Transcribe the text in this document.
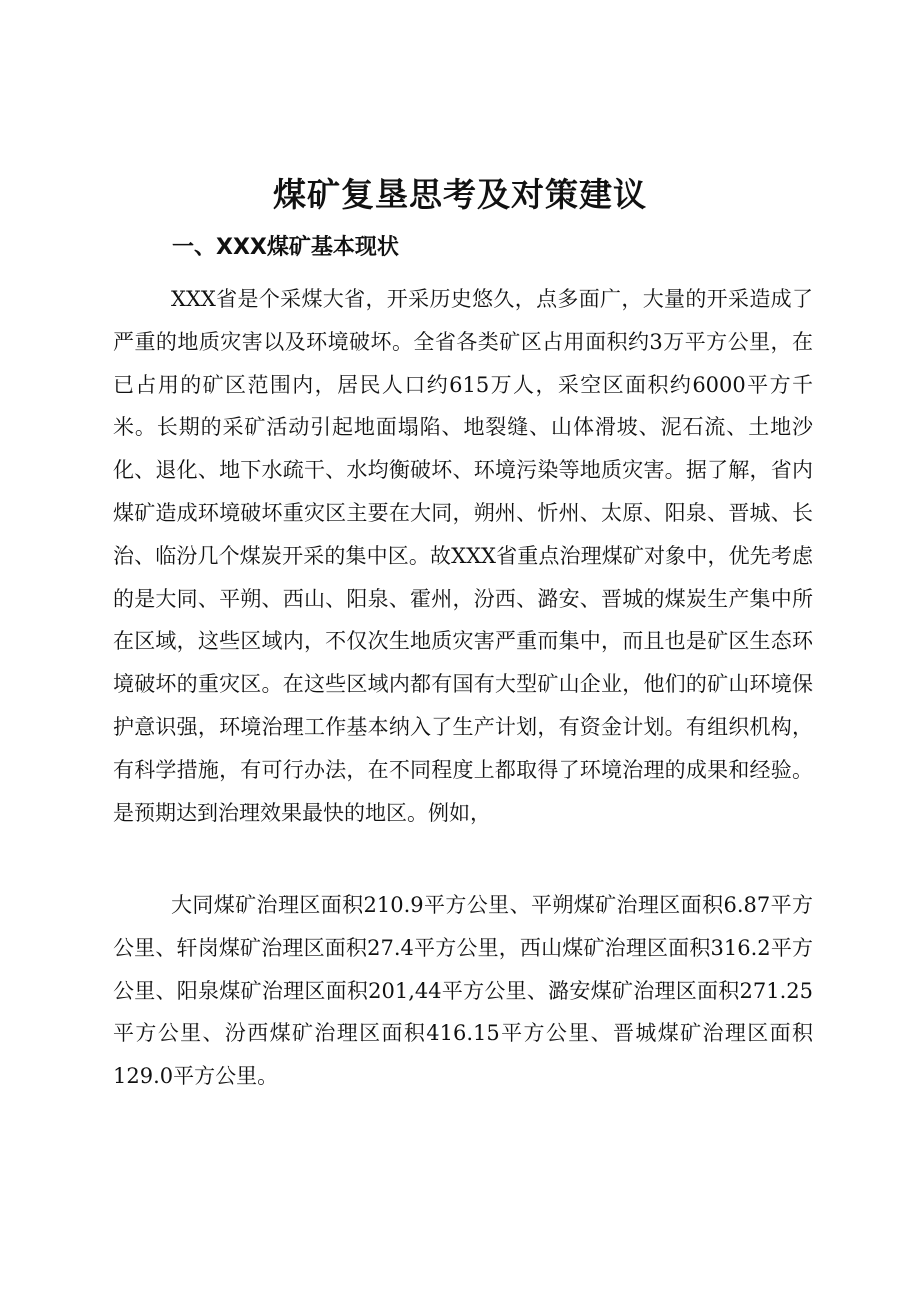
煤矿复垦思考及对策建议
一、XXX煤矿基本现状

XXX省是个采煤大省，开采历史悠久，点多面广，大量的开采造成了严重的地质灾害以及环境破坏。全省各类矿区占用面积约3万平方公里，在已占用的矿区范围内，居民人口约615万人，采空区面积约6000平方千米。长期的采矿活动引起地面塌陷、地裂缝、山体滑坡、泥石流、土地沙化、退化、地下水疏干、水均衡破坏、环境污染等地质灾害。据了解，省内煤矿造成环境破坏重灾区主要在大同，朔州、忻州、太原、阳泉、晋城、长治、临汾几个煤炭开采的集中区。故XXX省重点治理煤矿对象中，优先考虑的是大同、平朔、西山、阳泉、霍州，汾西、潞安、晋城的煤炭生产集中所在区域，这些区域内，不仅次生地质灾害严重而集中，而且也是矿区生态环境破坏的重灾区。在这些区域内都有国有大型矿山企业，他们的矿山环境保护意识强，环境治理工作基本纳入了生产计划，有资金计划。有组织机构，有科学措施，有可行办法，在不同程度上都取得了环境治理的成果和经验。是预期达到治理效果最快的地区。例如，

大同煤矿治理区面积210.9平方公里、平朔煤矿治理区面积6.87平方公里、轩岗煤矿治理区面积27.4平方公里，西山煤矿治理区面积316.2平方公里、阳泉煤矿治理区面积201,44平方公里、潞安煤矿治理区面积271.25平方公里、汾西煤矿治理区面积416.15平方公里、晋城煤矿治理区面积129.0平方公里。
